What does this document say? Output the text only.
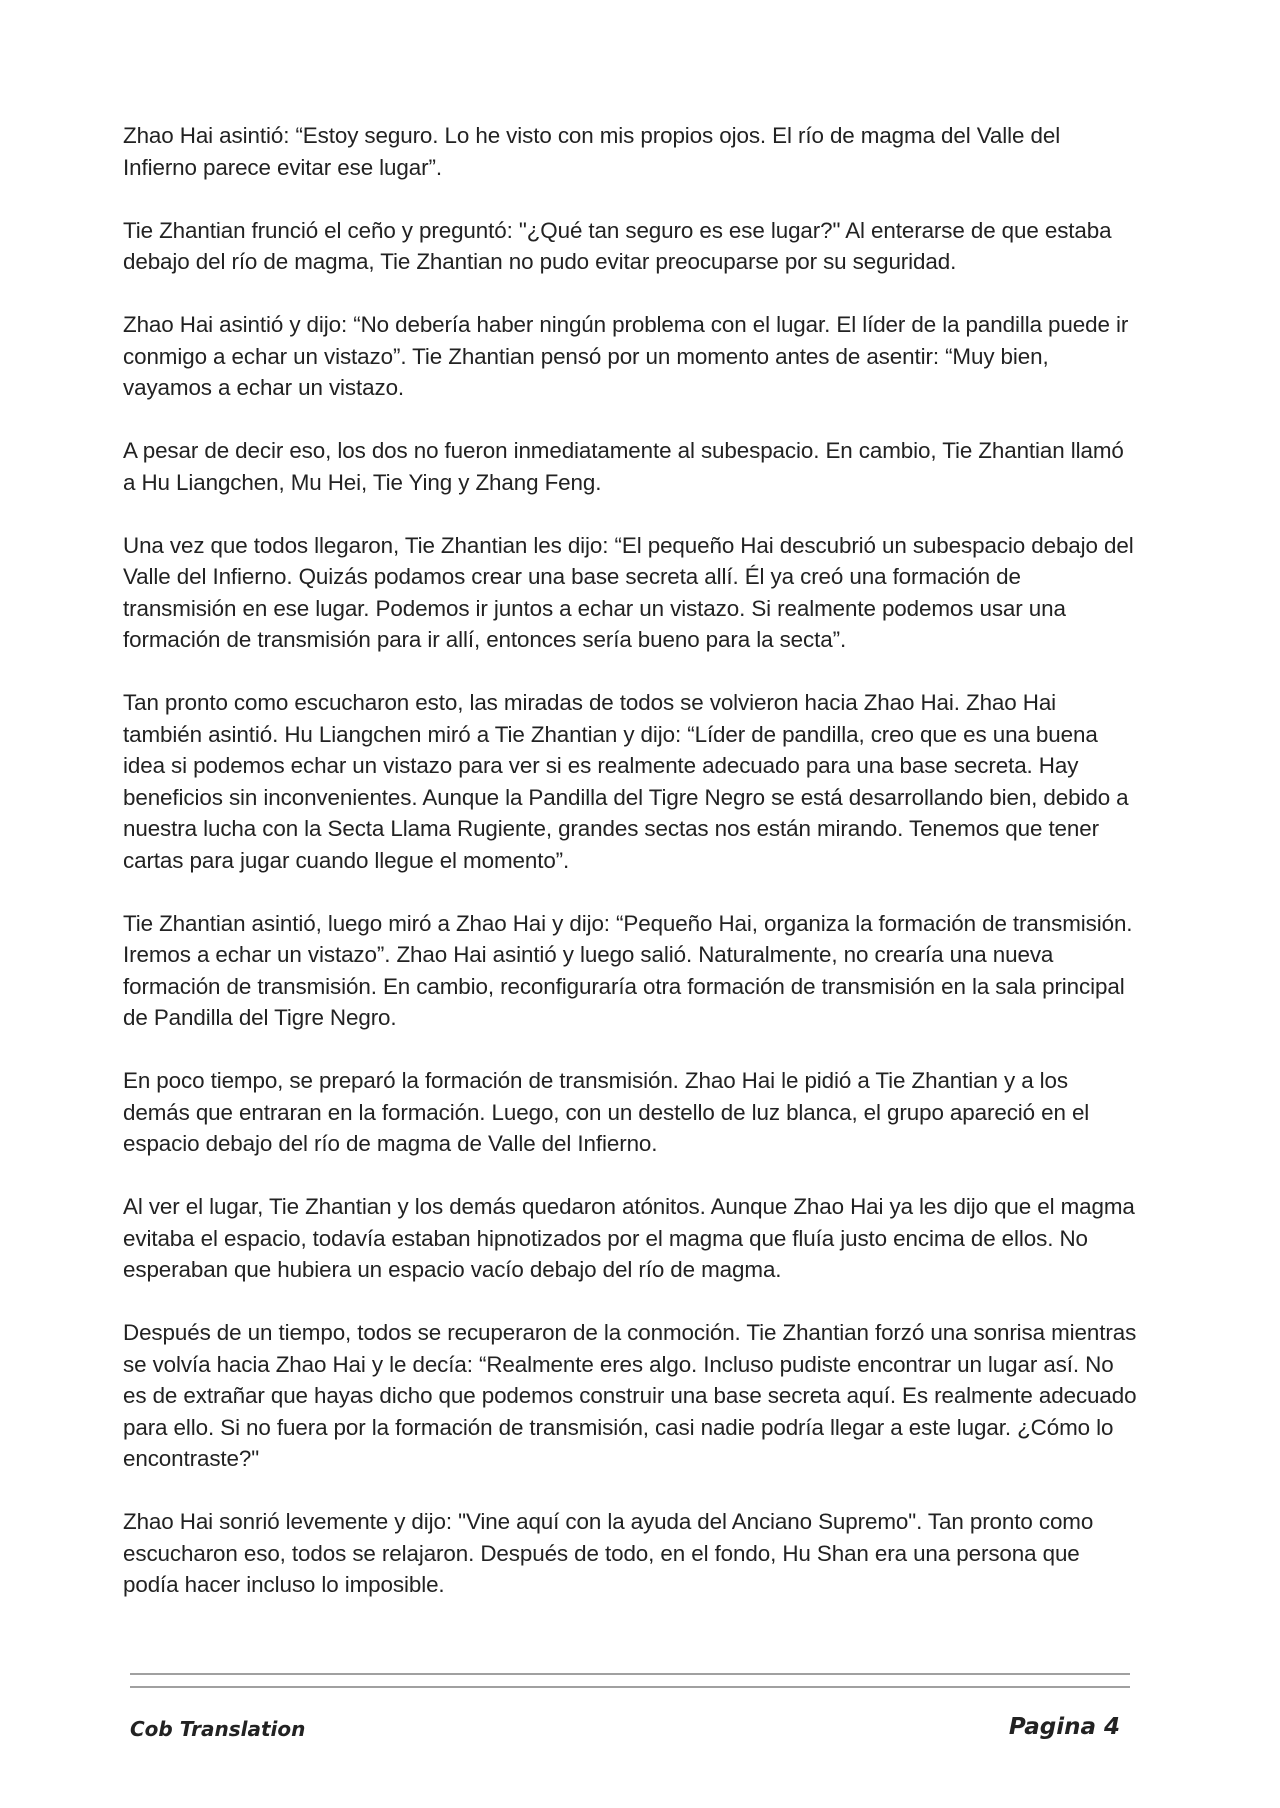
Zhao Hai asintió: “Estoy seguro. Lo he visto con mis propios ojos. El río de magma del Valle del Infierno parece evitar ese lugar”.

Tie Zhantian frunció el ceño y preguntó: "¿Qué tan seguro es ese lugar?" Al enterarse de que estaba debajo del río de magma, Tie Zhantian no pudo evitar preocuparse por su seguridad.

Zhao Hai asintió y dijo: “No debería haber ningún problema con el lugar. El líder de la pandilla puede ir conmigo a echar un vistazo”. Tie Zhantian pensó por un momento antes de asentir: “Muy bien, vayamos a echar un vistazo.

A pesar de decir eso, los dos no fueron inmediatamente al subespacio. En cambio, Tie Zhantian llamó a Hu Liangchen, Mu Hei, Tie Ying y Zhang Feng.

Una vez que todos llegaron, Tie Zhantian les dijo: “El pequeño Hai descubrió un subespacio debajo del Valle del Infierno. Quizás podamos crear una base secreta allí. Él ya creó una formación de transmisión en ese lugar. Podemos ir juntos a echar un vistazo. Si realmente podemos usar una formación de transmisión para ir allí, entonces sería bueno para la secta”.

Tan pronto como escucharon esto, las miradas de todos se volvieron hacia Zhao Hai. Zhao Hai también asintió. Hu Liangchen miró a Tie Zhantian y dijo: “Líder de pandilla, creo que es una buena idea si podemos echar un vistazo para ver si es realmente adecuado para una base secreta. Hay beneficios sin inconvenientes. Aunque la Pandilla del Tigre Negro se está desarrollando bien, debido a nuestra lucha con la Secta Llama Rugiente, grandes sectas nos están mirando. Tenemos que tener cartas para jugar cuando llegue el momento”.

Tie Zhantian asintió, luego miró a Zhao Hai y dijo: “Pequeño Hai, organiza la formación de transmisión. Iremos a echar un vistazo”. Zhao Hai asintió y luego salió. Naturalmente, no crearía una nueva formación de transmisión. En cambio, reconfiguraría otra formación de transmisión en la sala principal de Pandilla del Tigre Negro.

En poco tiempo, se preparó la formación de transmisión. Zhao Hai le pidió a Tie Zhantian y a los demás que entraran en la formación. Luego, con un destello de luz blanca, el grupo apareció en el espacio debajo del río de magma de Valle del Infierno.

Al ver el lugar, Tie Zhantian y los demás quedaron atónitos. Aunque Zhao Hai ya les dijo que el magma evitaba el espacio, todavía estaban hipnotizados por el magma que fluía justo encima de ellos. No esperaban que hubiera un espacio vacío debajo del río de magma.

Después de un tiempo, todos se recuperaron de la conmoción. Tie Zhantian forzó una sonrisa mientras se volvía hacia Zhao Hai y le decía: “Realmente eres algo. Incluso pudiste encontrar un lugar así. No es de extrañar que hayas dicho que podemos construir una base secreta aquí. Es realmente adecuado para ello. Si no fuera por la formación de transmisión, casi nadie podría llegar a este lugar. ¿Cómo lo encontraste?"

Zhao Hai sonrió levemente y dijo: "Vine aquí con la ayuda del Anciano Supremo". Tan pronto como escucharon eso, todos se relajaron. Después de todo, en el fondo, Hu Shan era una persona que podía hacer incluso lo imposible.

Cob Translation	Pagina 4
